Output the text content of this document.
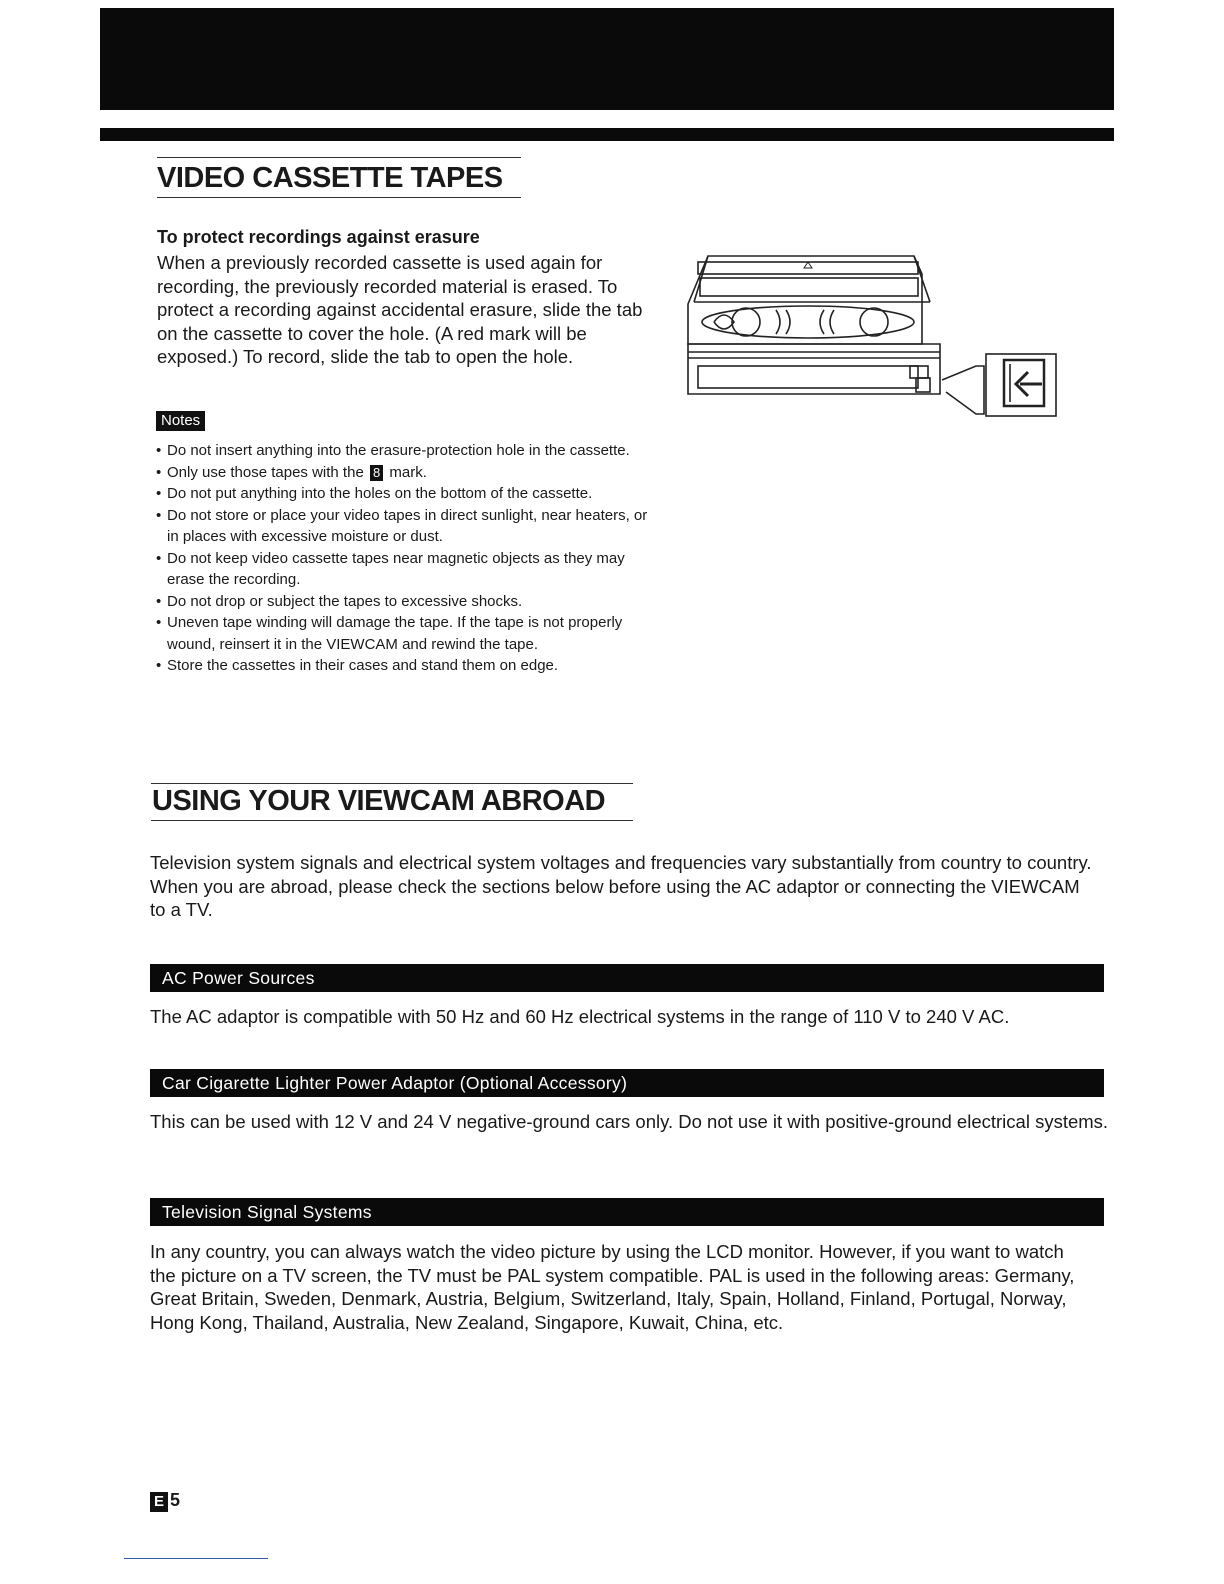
VIDEO CASSETTE TAPES

To protect recordings against erasure

When a previously recorded cassette is used again for recording, the previously recorded material is erased. To protect a recording against accidental erasure, slide the tab on the cassette to cover the hole. (A red mark will be exposed.) To record, slide the tab to open the hole.

Notes
• Do not insert anything into the erasure-protection hole in the cassette.
• Only use those tapes with the 8 mark.
• Do not put anything into the holes on the bottom of the cassette.
• Do not store or place your video tapes in direct sunlight, near heaters, or in places with excessive moisture or dust.
• Do not keep video cassette tapes near magnetic objects as they may erase the recording.
• Do not drop or subject the tapes to excessive shocks.
• Uneven tape winding will damage the tape. If the tape is not properly wound, reinsert it in the VIEWCAM and rewind the tape.
• Store the cassettes in their cases and stand them on edge.
USING YOUR VIEWCAM ABROAD

Television system signals and electrical system voltages and frequencies vary substantially from country to country. When you are abroad, please check the sections below before using the AC adaptor or connecting the VIEWCAM to a TV.

AC Power Sources

The AC adaptor is compatible with 50 Hz and 60 Hz electrical systems in the range of 110 V to 240 V AC.

Car Cigarette Lighter Power Adaptor (Optional Accessory)

This can be used with 12 V and 24 V negative-ground cars only. Do not use it with positive-ground electrical systems.

Television Signal Systems

In any country, you can always watch the video picture by using the LCD monitor. However, if you want to watch the picture on a TV screen, the TV must be PAL system compatible. PAL is used in the following areas: Germany, Great Britain, Sweden, Denmark, Austria, Belgium, Switzerland, Italy, Spain, Holland, Finland, Portugal, Norway, Hong Kong, Thailand, Australia, New Zealand, Singapore, Kuwait, China, etc.

E 5
